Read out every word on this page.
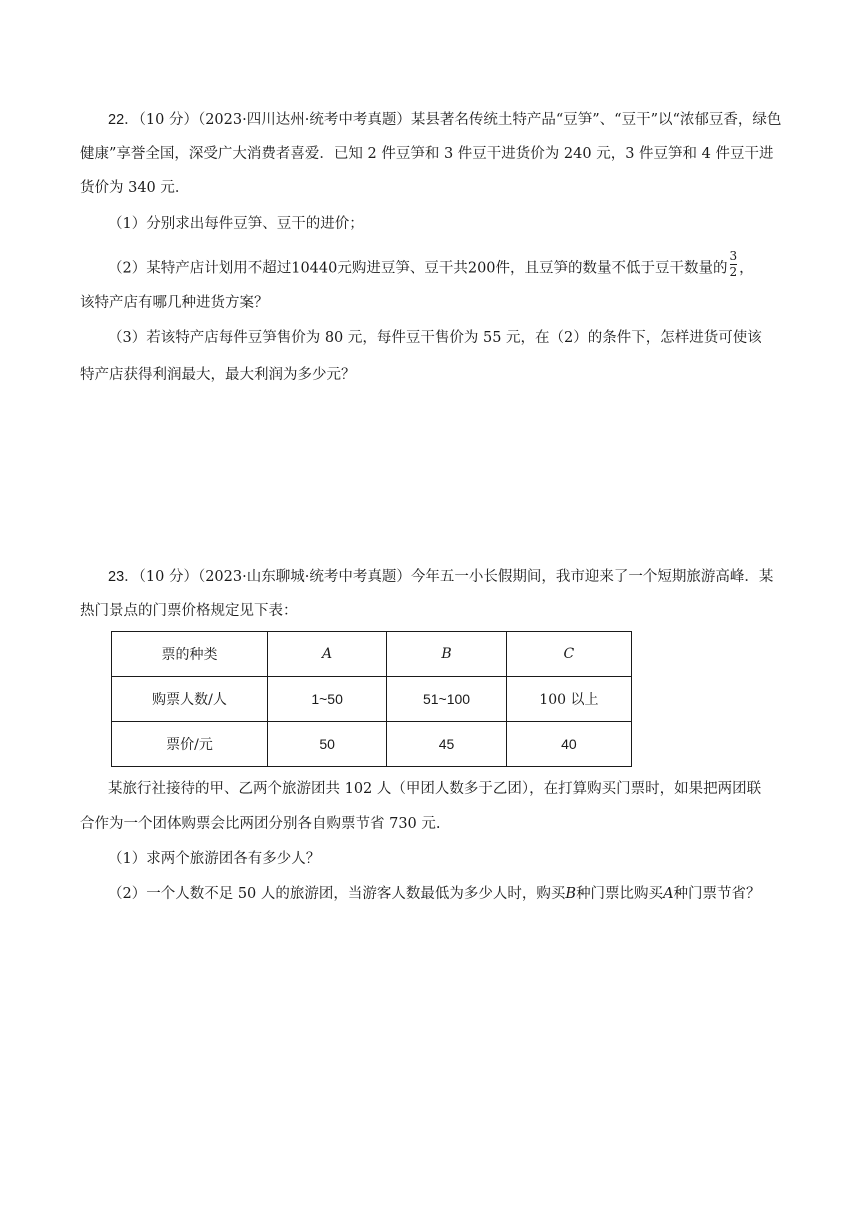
22．（10 分）（2023·四川达州·统考中考真题）某县著名传统土特产品“豆笋”、“豆干”以“浓郁豆香，绿色
健康”享誉全国，深受广大消费者喜爱．已知 2 件豆笋和 3 件豆干进货价为 240 元，3 件豆笋和 4 件豆干进
货价为 340 元．
（1）分别求出每件豆笋、豆干的进价；
（2）某特产店计划用不超过10440元购进豆笋、豆干共200件，且豆笋的数量不低于豆干数量的 $\frac{3}{2}$ ，
该特产店有哪几种进货方案？
（3）若该特产店每件豆笋售价为 80 元，每件豆干售价为 55 元，在（2）的条件下，怎样进货可使该
特产店获得利润最大，最大利润为多少元？
23．（10 分）（2023·山东聊城·统考中考真题）今年五一小长假期间，我市迎来了一个短期旅游高峰．某
热门景点的门票价格规定见下表：
票的种类	A	B	C
购票人数/人	1~50	51~100	100 以上
票价/元	50	45	40
某旅行社接待的甲、乙两个旅游团共 102 人（甲团人数多于乙团），在打算购买门票时，如果把两团联
合作为一个团体购票会比两团分别各自购票节省 730 元.
（1）求两个旅游团各有多少人？
（2）一个人数不足 50 人的旅游团，当游客人数最低为多少人时，购买B种门票比购买A种门票节省？
